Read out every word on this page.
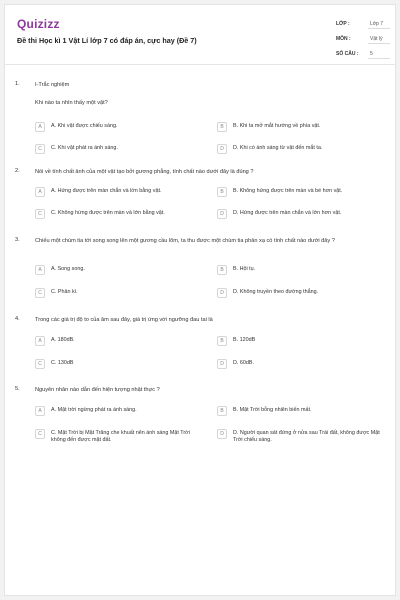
Quizizz
Đề thi Học kì 1 Vật Lí lớp 7 có đáp án, cực hay (Đề 7)
LỚP :	Lớp 7
MÔN :	Vật lý
SỐ CÂU :	5
1.	I-Trắc nghiệm
Khi nào ta nhìn thấy một vật?
A	A. Khi vật được chiếu sáng.	B	B. Khi ta mở mắt hướng về phía vật.
C	C. Khi vật phát ra ánh sáng.	D	D. Khi có ánh sáng từ vật đến mắt ta.
2.	Nói về tính chất ảnh của một vật tạo bởi gương phẳng, tính chất nào dưới đây là đúng ?
A	A. Hứng được trên màn chắn và lớn bằng vật.	B	B. Không hứng được trên màn và bé hơn vật.
C	C. Không hứng được trên màn và lớn bằng vật.	D	D. Hứng được trên màn chắn và lớn hơn vật.
3.	Chiếu một chùm tia tới song song lên một gương cầu lõm, ta thu được một chùm tia phản xạ có tính chất nào dưới đây ?
A	A. Song song.	B	B. Hội tụ.
C	C. Phân kì.	D	D. Không truyền theo đường thẳng.
4.	Trong các giá trị độ to của âm sau đây, giá trị ứng với ngưỡng đau tai là
A	A. 180dB.	B	B. 120dB
C	C. 130dB	D	D. 60dB.
5.	Nguyên nhân nào dẫn đến hiện tượng nhật thực ?
A	A. Mặt trời ngừng phát ra ánh sáng.	B	B. Mặt Trời bỗng nhiên biến mất.
C	C. Mặt Trời bị Mặt Trăng che khuất nên ánh sáng Mặt Trời không đến được mặt đất.
D	D. Người quan sát đứng ở nửa sau Trái đất, không được Mặt Trời chiếu sáng.
